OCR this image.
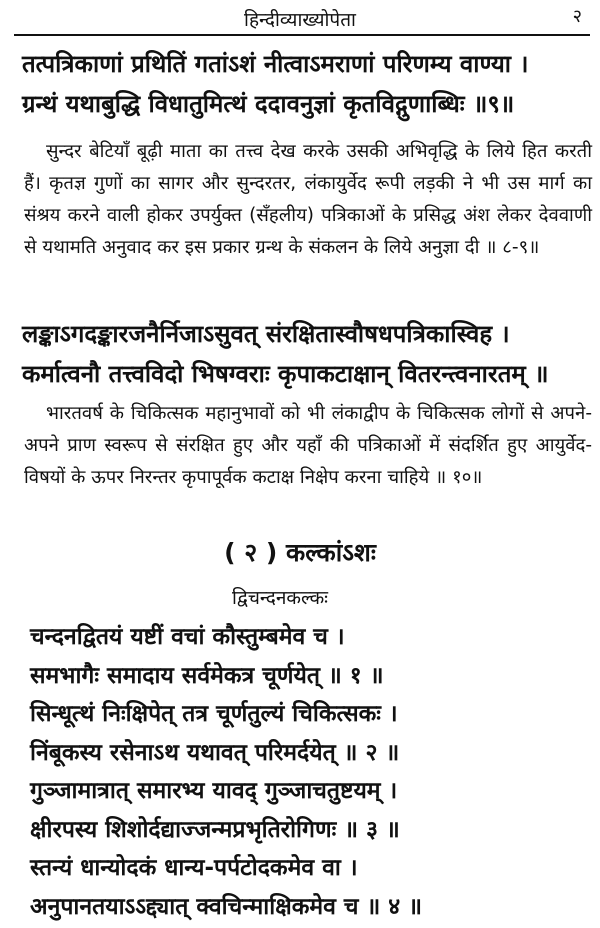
हिन्दीव्याख्योपेता	२
तत्पत्रिकाणां प्रथितिं गतांऽशं नीत्वाऽमराणां परिणम्य वाण्या ।
ग्रन्थं यथाबुद्धि विधातुमित्थं ददावनुज्ञां कृतविद्गुणाब्धिः ॥९॥
सुन्दर बेटियाँ बूढ़ी माता का तत्त्व देख करके उसकी अभिवृद्धि के लिये हित करती हैं। कृतज्ञ गुणों का सागर और सुन्दरतर, लंकायुर्वेद रूपी लड़की ने भी उस मार्ग का संश्रय करने वाली होकर उपर्युक्त (सँहलीय) पत्रिकाओं के प्रसिद्ध अंश लेकर देववाणी से यथामति अनुवाद कर इस प्रकार ग्रन्थ के संकलन के लिये अनुज्ञा दी ॥ ८-९॥
लङ्काऽगदङ्कारजनैर्निजाऽसुवत् संरक्षितास्वौषधपत्रिकास्विह ।
कर्मात्वनौ तत्त्वविदो भिषग्वराः कृपाकटाक्षान् वितरन्त्वनारतम् ॥
भारतवर्ष के चिकित्सक महानुभावों को भी लंकाद्वीप के चिकित्सक लोगों से अपने-अपने प्राण स्वरूप से संरक्षित हुए और यहाँ की पत्रिकाओं में संदर्शित हुए आयुर्वेद-विषयों के ऊपर निरन्तर कृपापूर्वक कटाक्ष निक्षेप करना चाहिये ॥ १०॥
( २ ) कल्कांऽशः
द्विचन्दनकल्कः
चन्दनद्वितयं यष्टीं वचां कौस्तुम्बमेव च ।
समभागैः समादाय सर्वमेकत्र चूर्णयेत् ॥ १ ॥
सिन्धूत्थं निःक्षिपेत् तत्र चूर्णतुल्यं चिकित्सकः ।
निंबूकस्य रसेनाऽथ यथावत् परिमर्दयेत् ॥ २ ॥
गुञ्जामात्रात् समारभ्य यावद् गुञ्जाचतुष्टयम् ।
क्षीरपस्य शिशोर्दद्याज्जन्मप्रभृतिरोगिणः ॥ ३ ॥
स्तन्यं धान्योदकं धान्य-पर्पटोदकमेव वा ।
अनुपानतयाऽऽद्द्यात् क्वचिन्माक्षिकमेव च ॥ ४ ॥
